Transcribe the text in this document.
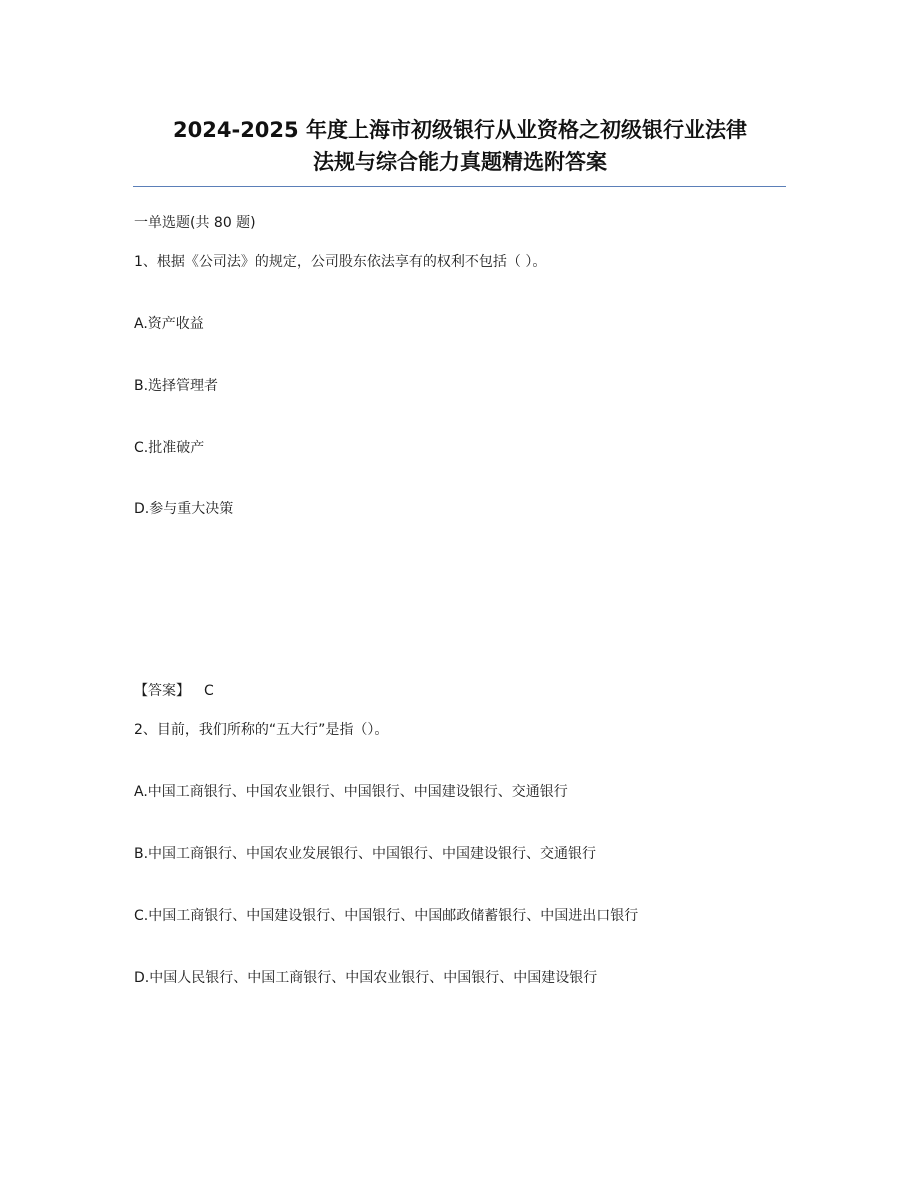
2024-2025 年度上海市初级银行从业资格之初级银行业法律
法规与综合能力真题精选附答案
一单选题(共 80 题)
1、根据《公司法》的规定，公司股东依法享有的权利不包括（ ）。
A.资产收益
B.选择管理者
C.批准破产
D.参与重大决策
【答案】 C
2、目前，我们所称的“五大行”是指（）。
A.中国工商银行、中国农业银行、中国银行、中国建设银行、交通银行
B.中国工商银行、中国农业发展银行、中国银行、中国建设银行、交通银行
C.中国工商银行、中国建设银行、中国银行、中国邮政储蓄银行、中国进出口银行
D.中国人民银行、中国工商银行、中国农业银行、中国银行、中国建设银行
